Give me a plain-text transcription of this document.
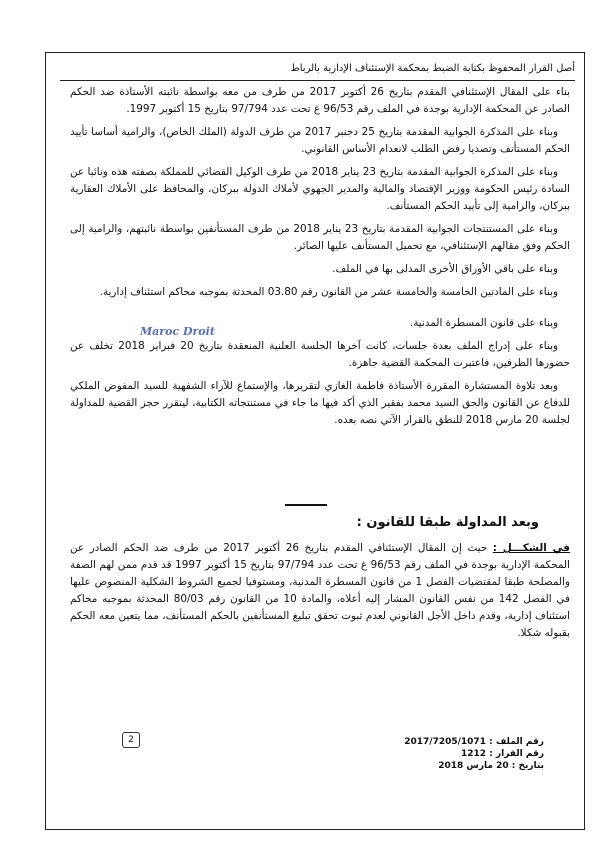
أصل القرار المحفوظ بكتابة الضبط بمحكمة الإستئناف الإدارية بالرباط

بناء على المقال الإستئنافي المقدم بتاريخ 26 أكتوبر 2017 من طرف من معه بواسطة نائبته الأستاذة ضد الحكم الصادر عن المحكمة الإدارية بوجدة في الملف رقم 96/53 غ تحت عدد 97/794 بتاريخ 15 أكتوبر 1997.

وبناء على المذكرة الجوابية المقدمة بتاريخ 25 دجنبر 2017 من طرف الدولة (الملك الخاص)، والرامية أساسا تأييد الحكم المستأنف وتصديا رفض الطلب لانعدام الأساس القانوني.

وبناء على المذكرة الجوابية المقدمة بتاريخ 23 يناير 2018 من طرف الوكيل القضائي للمملكة بصفته هذه ونائبا عن السادة رئيس الحكومة ووزير الإقتصاد والمالية والمدير الجهوي لأملاك الدولة ببركان، والمحافظ على الأملاك العقارية ببركان، والرامية إلى تأييد الحكم المستأنف.

وبناء على المستنتجات الجوابية المقدمة بتاريخ 23 يناير 2018 من طرف المستأنفين بواسطة نائبتهم، والرامية إلى الحكم وفق مقالهم الإستئنافي، مع تحميل المستأنف عليها الصائر.

وبناء على باقي الأوراق الأخرى المدلى بها في الملف.

وبناء على المادتين الخامسة والخامسة عشر من القانون رقم 03.80 المحدثة بموجبه محاكم استئناف إدارية.

وبناء على قانون المسطرة المدنية.

وبناء على إدراج الملف بعدة جلسات، كانت آخرها الجلسة العلنية المنعقدة بتاريخ 20 فبراير 2018 تخلف عن حضورها الطرفين، فاعتبرت المحكمة القضية جاهزة.

وبعد تلاوة المستشارة المقررة الأستاذة فاطمة الغازي لتقريرها، والإستماع للآراء الشفهية للسيد المفوض الملكي للدفاع عن القانون والحق السيد محمد بفقير الذي أكد فيها ما جاء في مستنتجاته الكتابية، ليتقرر حجز القضية للمداولة لجلسة 20 مارس 2018 للنطق بالقرار الآتي نصه بعده.

Maroc Droit
وبعد المداولة طبقا للقانون :

في الشكـــل : حيث إن المقال الإستئنافي المقدم بتاريخ 26 أكتوبر 2017 من طرف ضد الحكم الصادر عن المحكمة الإدارية بوجدة في الملف رقم 96/53 غ تحت عدد 97/794 بتاريخ 15 أكتوبر 1997 قد قدم ممن لهم الصفة والمصلحة طبقا لمقتضيات الفصل 1 من قانون المسطرة المدنية، ومستوفيا لجميع الشروط الشكلية المنصوص عليها في الفصل 142 من نفس القانون المشار إليه أعلاه، والمادة 10 من القانون رقم 80/03 المحدثة بموجبه محاكم استئناف إدارية، وقدم داخل الأجل القانوني لعدم ثبوت تحقق تبليغ المستأنفين بالحكم المستأنف، مما يتعين معه الحكم بقبوله شكلا.

2	رقم الملف : 2017/7205/1071
رقم القرار : 1212
بتاريخ : 20 مارس 2018
